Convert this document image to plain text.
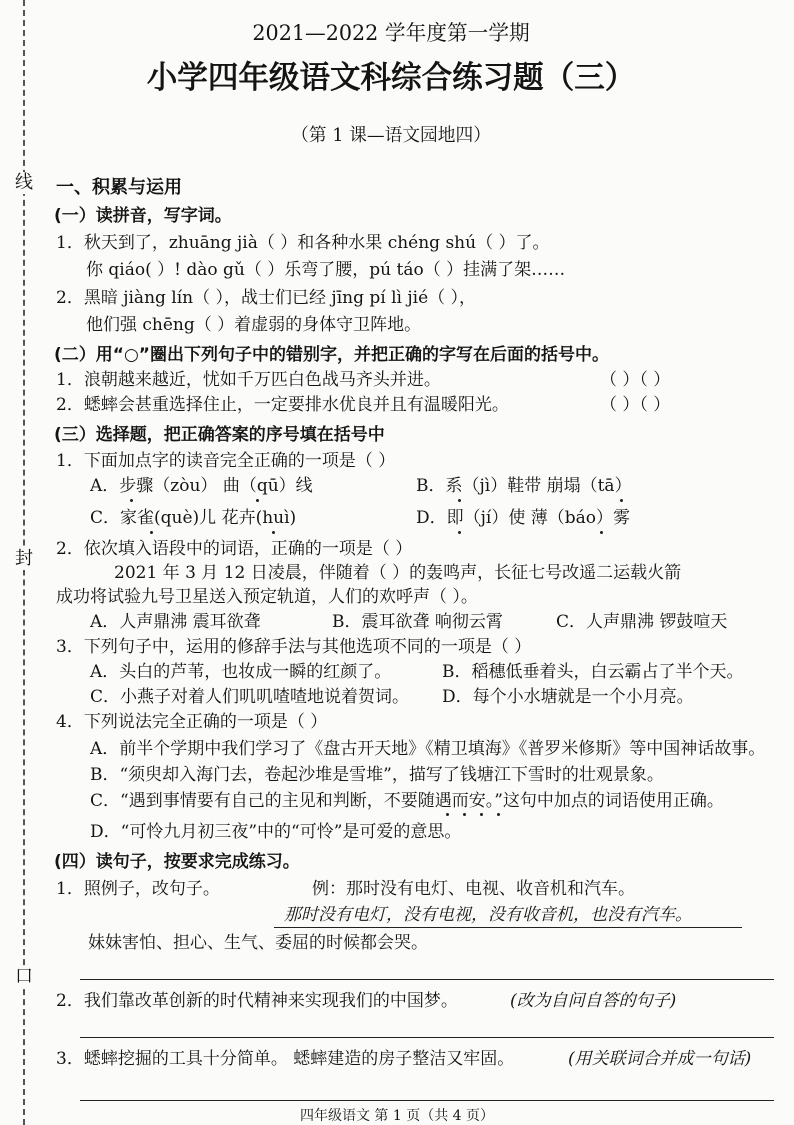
线
封
口
2021—2022 学年度第一学期
小学四年级语文科综合练习题（三）
（第 1 课—语文园地四）
一、积累与运用
(一）读拼音，写字词。
1．秋天到了，zhuāng jià（ ）和各种水果 chéng shú（ ）了。
你 qiáo( ）! dào gǔ（ ）乐弯了腰，pú táo（ ）挂满了架……
2．黑暗 jiàng lín（ ），战士们已经 jīng pí lì jié（ ），
他们强 chēng（ ）着虚弱的身体守卫阵地。
(二）用“○”圈出下列句子中的错别字，并把正确的字写在后面的括号中。
1．浪朝越来越近，忧如千万匹白色战马齐头并进。	（ ）（ ）
2．蟋蟀会甚重选择住止，一定要排水优良并且有温暖阳光。	（ ）（ ）
(三）选择题，把正确答案的序号填在括号中
1．下面加点字的读音完全正确的一项是（ ）
A．步骤（zòu） 曲（qū）线	B．系（jì）鞋带 崩塌（tā）
C．家雀(què)儿 花卉(huì)	D．即（jí）使 薄（báo）雾
2．依次填入语段中的词语，正确的一项是（ ）
2021 年 3 月 12 日凌晨，伴随着（ ）的轰鸣声，长征七号改遥二运载火箭
成功将试验九号卫星送入预定轨道，人们的欢呼声（ ）。
A．人声鼎沸 震耳欲聋	B．震耳欲聋 响彻云霄	C．人声鼎沸 锣鼓喧天
3．下列句子中，运用的修辞手法与其他选项不同的一项是（ ）
A．头白的芦苇，也妆成一瞬的红颜了。	B．稻穗低垂着头，白云霸占了半个天。
C．小燕子对着人们叽叽喳喳地说着贺词。 D．每个小水塘就是一个小月亮。
4．下列说法完全正确的一项是（ ）
A．前半个学期中我们学习了《盘古开天地》《精卫填海》《普罗米修斯》等中国神话故事。
B．“须臾却入海门去，卷起沙堆是雪堆”，描写了钱塘江下雪时的壮观景象。
C．“遇到事情要有自己的主见和判断，不要随遇而安。”这句中加点的词语使用正确。
D．“可怜九月初三夜”中的“可怜”是可爱的意思。
(四）读句子，按要求完成练习。
1．照例子，改句子。	例：那时没有电灯、电视、收音机和汽车。
那时没有电灯，没有电视，没有收音机，也没有汽车。
妹妹害怕、担心、生气、委屈的时候都会哭。
2．我们靠改革创新的时代精神来实现我们的中国梦。	(改为自问自答的句子)
3．蟋蟀挖掘的工具十分简单。 蟋蟀建造的房子整洁又牢固。	(用关联词合并成一句话)
四年级语文 第 1 页（共 4 页）
